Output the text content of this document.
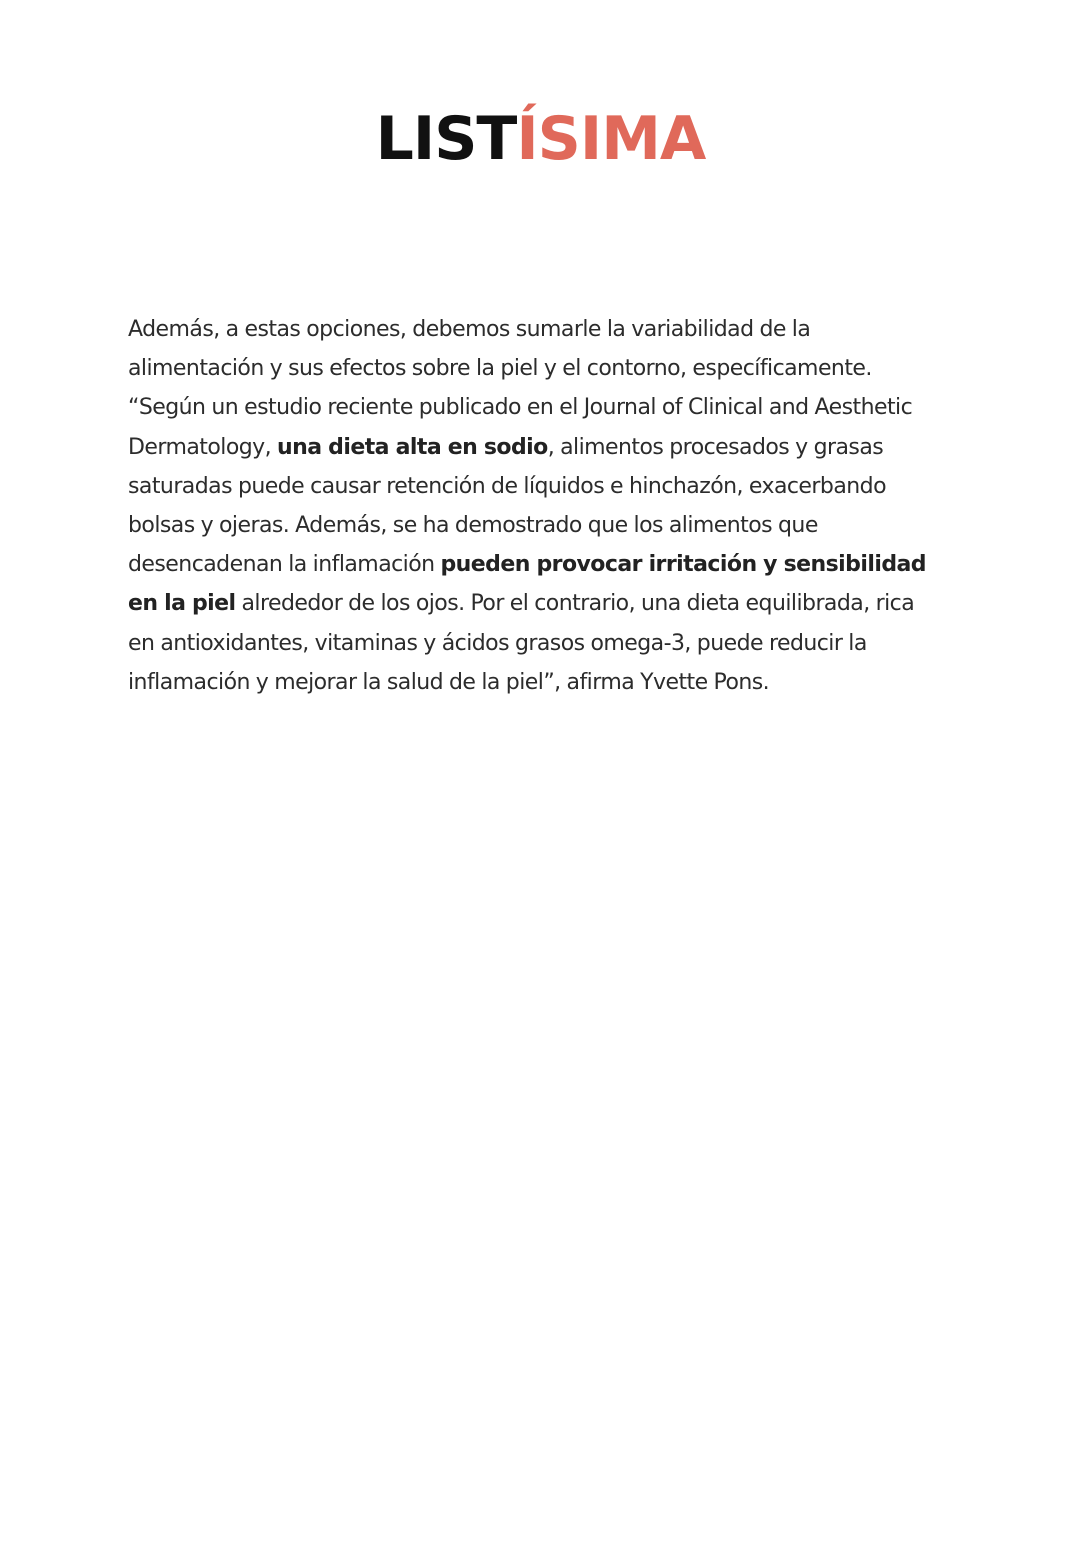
LISTÍSIMA
Además, a estas opciones, debemos sumarle la variabilidad de la
alimentación y sus efectos sobre la piel y el contorno, específicamente.
“Según un estudio reciente publicado en el Journal of Clinical and Aesthetic
Dermatology, una dieta alta en sodio, alimentos procesados y grasas
saturadas puede causar retención de líquidos e hinchazón, exacerbando
bolsas y ojeras. Además, se ha demostrado que los alimentos que
desencadenan la inflamación pueden provocar irritación y sensibilidad
en la piel alrededor de los ojos. Por el contrario, una dieta equilibrada, rica
en antioxidantes, vitaminas y ácidos grasos omega-3, puede reducir la
inflamación y mejorar la salud de la piel”, afirma Yvette Pons.
